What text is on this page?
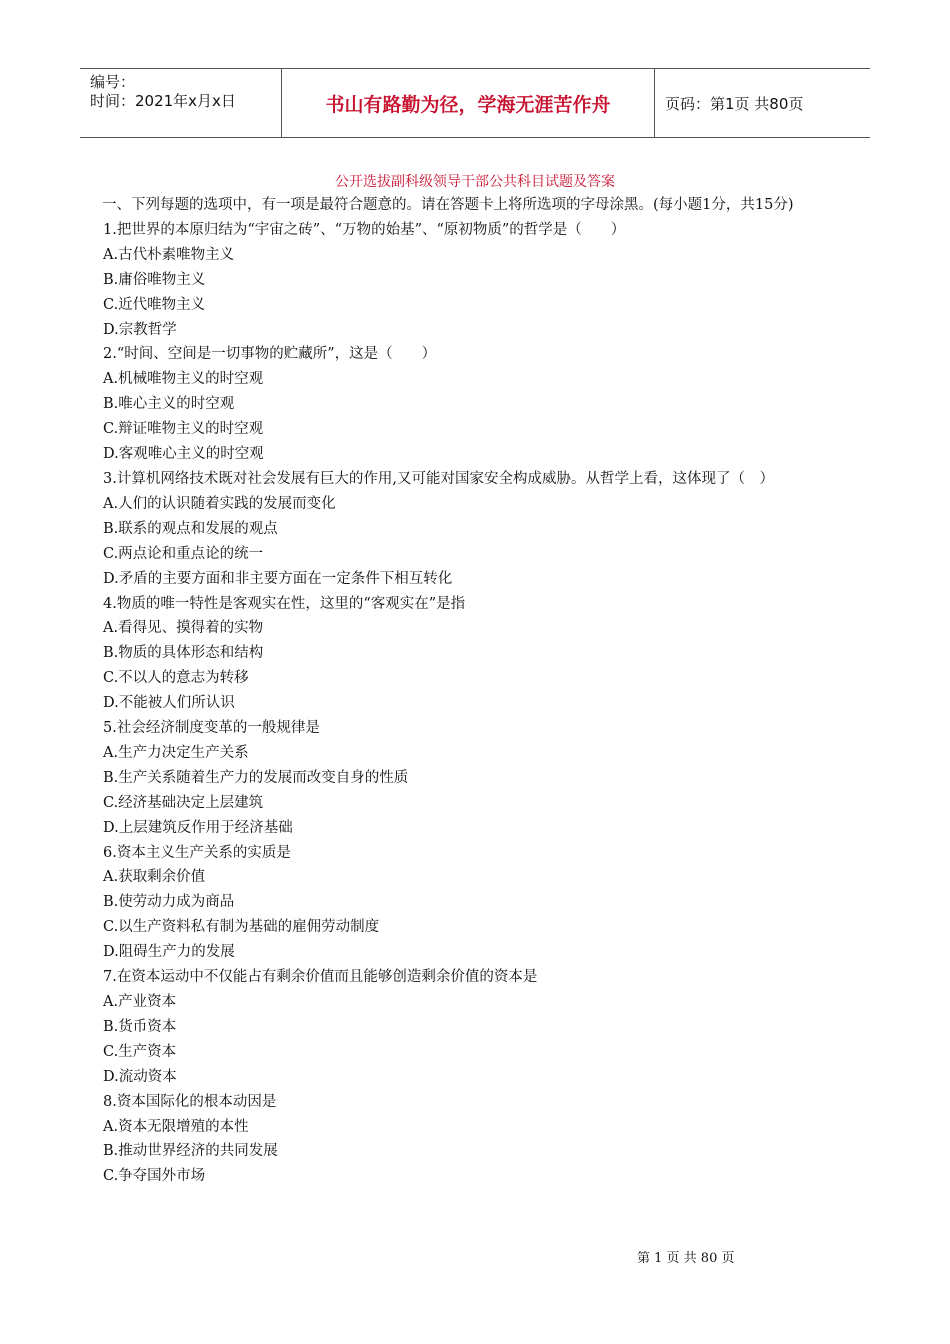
编号：
时间：2021年x月x日	书山有路勤为径，学海无涯苦作舟	页码：第1页 共80页
公开选拔副科级领导干部公共科目试题及答案

一、下列每题的选项中，有一项是最符合题意的。请在答题卡上将所选项的字母涂黑。(每小题1分，共15分)

1.把世界的本原归结为“宇宙之砖”、“万物的始基”、“原初物质”的哲学是（　　）

A.古代朴素唯物主义

B.庸俗唯物主义

C.近代唯物主义

D.宗教哲学

2.“时间、空间是一切事物的贮藏所”，这是（　　）

A.机械唯物主义的时空观

B.唯心主义的时空观

C.辩证唯物主义的时空观

D.客观唯心主义的时空观

3.计算机网络技术既对社会发展有巨大的作用,又可能对国家安全构成威胁。从哲学上看，这体现了（　）

A.人们的认识随着实践的发展而变化

B.联系的观点和发展的观点

C.两点论和重点论的统一

D.矛盾的主要方面和非主要方面在一定条件下相互转化

4.物质的唯一特性是客观实在性，这里的“客观实在”是指

A.看得见、摸得着的实物

B.物质的具体形态和结构

C.不以人的意志为转移

D.不能被人们所认识

5.社会经济制度变革的一般规律是

A.生产力决定生产关系

B.生产关系随着生产力的发展而改变自身的性质

C.经济基础决定上层建筑

D.上层建筑反作用于经济基础

6.资本主义生产关系的实质是

A.获取剩余价值

B.使劳动力成为商品

C.以生产资料私有制为基础的雇佣劳动制度

D.阻碍生产力的发展

7.在资本运动中不仅能占有剩余价值而且能够创造剩余价值的资本是

A.产业资本

B.货币资本

C.生产资本

D.流动资本

8.资本国际化的根本动因是

A.资本无限增殖的本性

B.推动世界经济的共同发展

C.争夺国外市场

第 1 页 共 80 页
